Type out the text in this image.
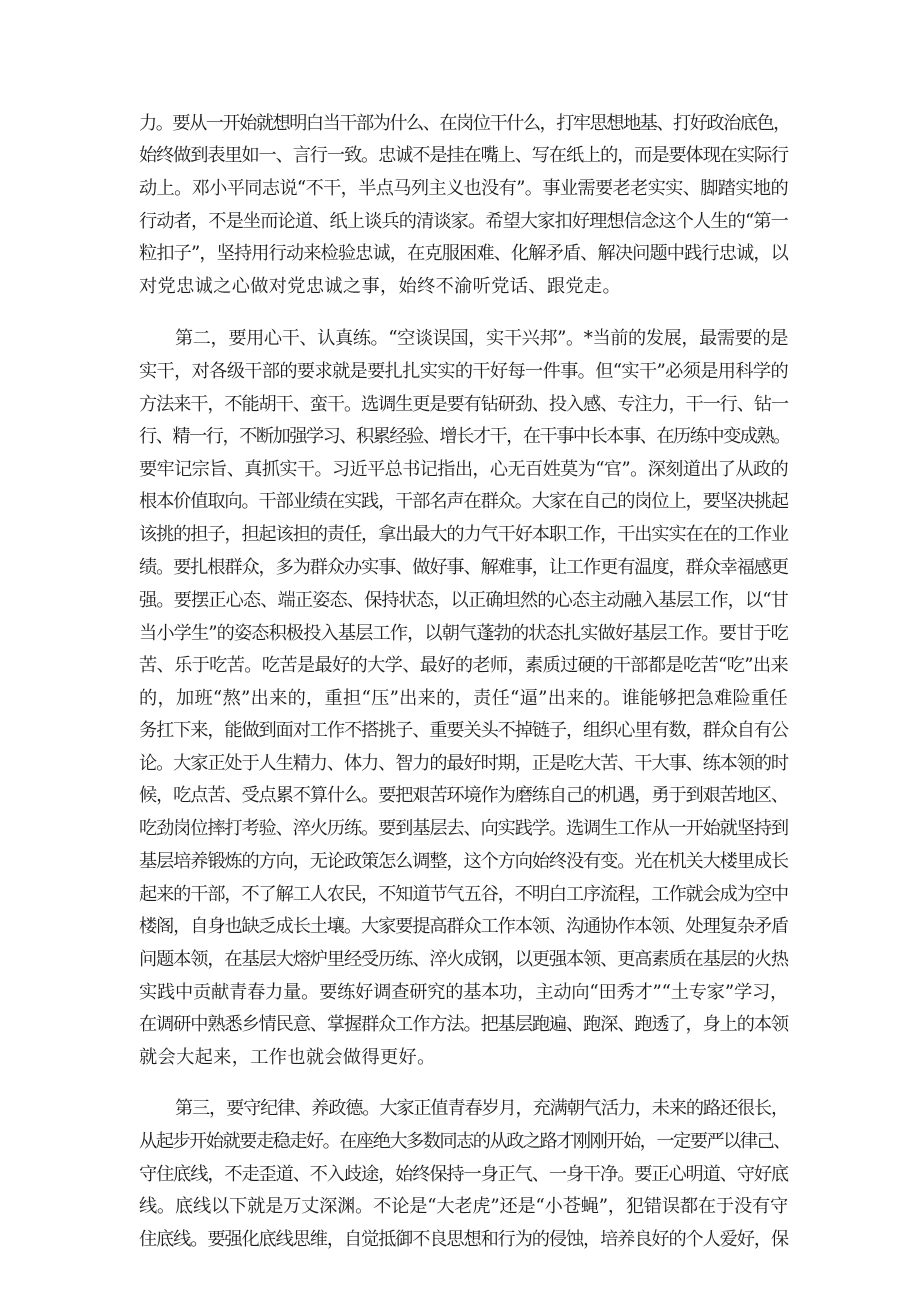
力。要从一开始就想明白当干部为什么、在岗位干什么，打牢思想地基、打好政治底色，
始终做到表里如一、言行一致。忠诚不是挂在嘴上、写在纸上的，而是要体现在实际行
动上。邓小平同志说“不干，半点马列主义也没有”。事业需要老老实实、脚踏实地的
行动者，不是坐而论道、纸上谈兵的清谈家。希望大家扣好理想信念这个人生的“第一
粒扣子”，坚持用行动来检验忠诚，在克服困难、化解矛盾、解决问题中践行忠诚，以
对党忠诚之心做对党忠诚之事，始终不渝听党话、跟党走。
第二，要用心干、认真练。“空谈误国，实干兴邦”。*当前的发展，最需要的是
实干，对各级干部的要求就是要扎扎实实的干好每一件事。但“实干”必须是用科学的
方法来干，不能胡干、蛮干。选调生更是要有钻研劲、投入感、专注力，干一行、钻一
行、精一行，不断加强学习、积累经验、增长才干，在干事中长本事、在历练中变成熟。
要牢记宗旨、真抓实干。习近平总书记指出，心无百姓莫为“官”。深刻道出了从政的
根本价值取向。干部业绩在实践，干部名声在群众。大家在自己的岗位上，要坚决挑起
该挑的担子，担起该担的责任，拿出最大的力气干好本职工作，干出实实在在的工作业
绩。要扎根群众，多为群众办实事、做好事、解难事，让工作更有温度，群众幸福感更
强。要摆正心态、端正姿态、保持状态，以正确坦然的心态主动融入基层工作，以“甘
当小学生”的姿态积极投入基层工作，以朝气蓬勃的状态扎实做好基层工作。要甘于吃
苦、乐于吃苦。吃苦是最好的大学、最好的老师，素质过硬的干部都是吃苦“吃”出来
的，加班“熬”出来的，重担“压”出来的，责任“逼”出来的。谁能够把急难险重任
务扛下来，能做到面对工作不搭挑子、重要关头不掉链子，组织心里有数，群众自有公
论。大家正处于人生精力、体力、智力的最好时期，正是吃大苦、干大事、练本领的时
候，吃点苦、受点累不算什么。要把艰苦环境作为磨练自己的机遇，勇于到艰苦地区、
吃劲岗位摔打考验、淬火历练。要到基层去、向实践学。选调生工作从一开始就坚持到
基层培养锻炼的方向，无论政策怎么调整，这个方向始终没有变。光在机关大楼里成长
起来的干部，不了解工人农民，不知道节气五谷，不明白工序流程，工作就会成为空中
楼阁，自身也缺乏成长土壤。大家要提高群众工作本领、沟通协作本领、处理复杂矛盾
问题本领，在基层大熔炉里经受历练、淬火成钢，以更强本领、更高素质在基层的火热
实践中贡献青春力量。要练好调查研究的基本功，主动向“田秀才”“土专家”学习，
在调研中熟悉乡情民意、掌握群众工作方法。把基层跑遍、跑深、跑透了，身上的本领
就会大起来，工作也就会做得更好。
第三，要守纪律、养政德。大家正值青春岁月，充满朝气活力，未来的路还很长，
从起步开始就要走稳走好。在座绝大多数同志的从政之路才刚刚开始，一定要严以律己、
守住底线，不走歪道、不入歧途，始终保持一身正气、一身干净。要正心明道、守好底
线。底线以下就是万丈深渊。不论是“大老虎”还是“小苍蝇”，犯错误都在于没有守
住底线。要强化底线思维，自觉抵御不良思想和行为的侵蚀，培养良好的个人爱好，保
